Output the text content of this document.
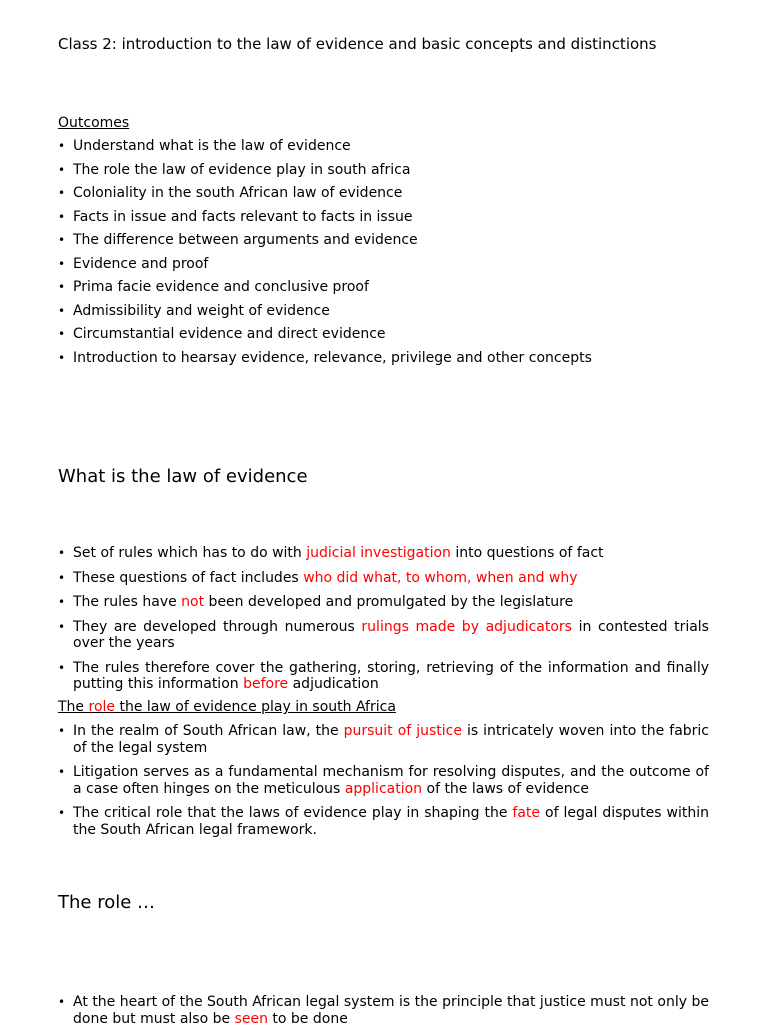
Class 2: introduction to the law of evidence and basic concepts and distinctions
Outcomes
• Understand what is the law of evidence
• The role the law of evidence play in south africa
• Coloniality in the south African law of evidence
• Facts in issue and facts relevant to facts in issue
• The difference between arguments and evidence
• Evidence and proof
• Prima facie evidence and conclusive proof
• Admissibility and weight of evidence
• Circumstantial evidence and direct evidence
• Introduction to hearsay evidence, relevance, privilege and other concepts
What is the law of evidence
• Set of rules which has to do with judicial investigation into questions of fact
• These questions of fact includes who did what, to whom, when and why
• The rules have not been developed and promulgated by the legislature
• They are developed through numerous rulings made by adjudicators in contested trials over the years
• The rules therefore cover the gathering, storing, retrieving of the information and finally putting this information before adjudication
The role the law of evidence play in south Africa
• In the realm of South African law, the pursuit of justice is intricately woven into the fabric of the legal system
• Litigation serves as a fundamental mechanism for resolving disputes, and the outcome of a case often hinges on the meticulous application of the laws of evidence
• The critical role that the laws of evidence play in shaping the fate of legal disputes within the South African legal framework.
The role …
• At the heart of the South African legal system is the principle that justice must not only be done but must also be seen to be done
